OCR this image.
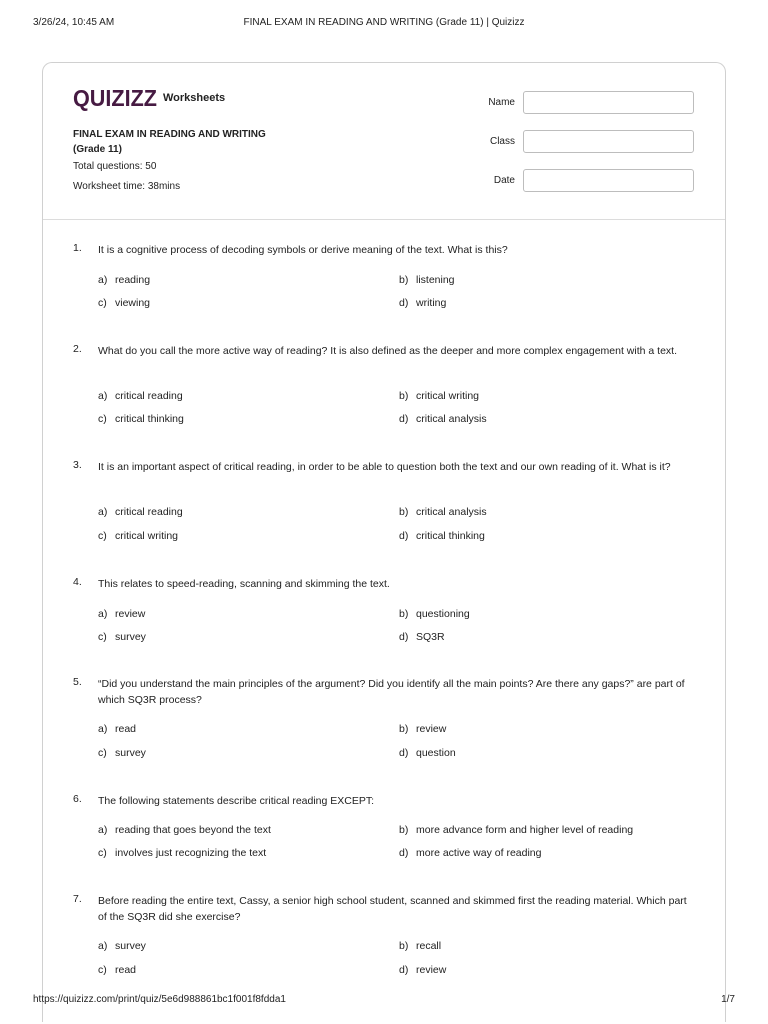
3/26/24, 10:45 AM	FINAL EXAM IN READING AND WRITING (Grade 11) | Quizizz
QUIZIZZ Worksheets
FINAL EXAM IN READING AND WRITING
(Grade 11)
Total questions: 50
Worksheet time: 38mins
Name
Class
Date
1. It is a cognitive process of decoding symbols or derive meaning of the text. What is this?
a) reading	b) listening
c) viewing	d) writing
2. What do you call the more active way of reading? It is also defined as the deeper and more complex engagement with a text.
a) critical reading	b) critical writing
c) critical thinking	d) critical analysis
3. It is an important aspect of critical reading, in order to be able to question both the text and our own reading of it. What is it?
a) critical reading	b) critical analysis
c) critical writing	d) critical thinking
4. This relates to speed-reading, scanning and skimming the text.
a) review	b) questioning
c) survey	d) SQ3R
5. “Did you understand the main principles of the argument? Did you identify all the main points? Are there any gaps?” are part of which SQ3R process?
a) read	b) review
c) survey	d) question
6. The following statements describe critical reading EXCEPT:
a) reading that goes beyond the text	b) more advance form and higher level of reading
c) involves just recognizing the text	d) more active way of reading
7. Before reading the entire text, Cassy, a senior high school student, scanned and skimmed first the reading material. Which part of the SQ3R did she exercise?
a) survey	b) recall
c) read	d) review
https://quizizz.com/print/quiz/5e6d988861bc1f001f8fdda1	1/7
